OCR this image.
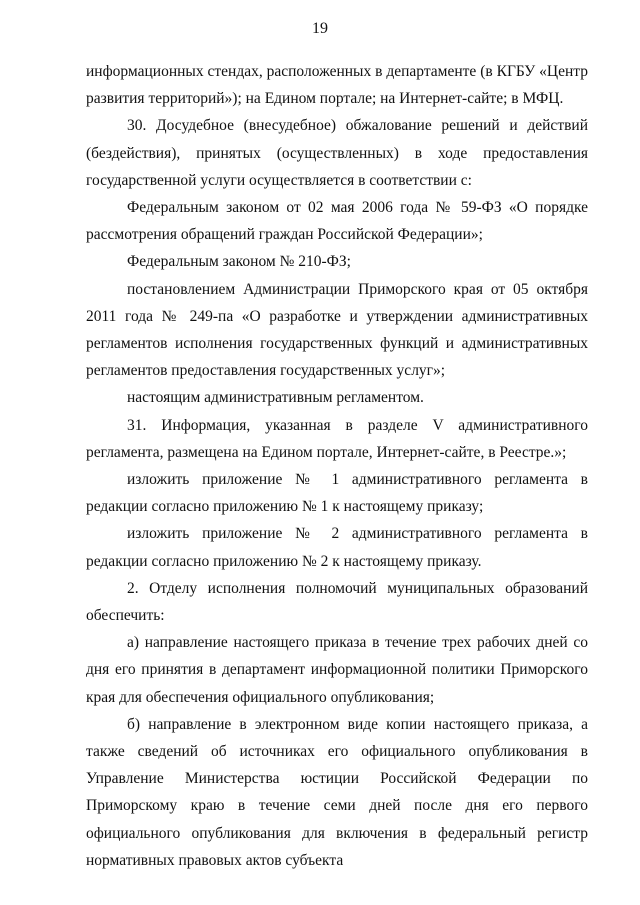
19

информационных стендах, расположенных в департаменте (в КГБУ «Центр развития территорий»); на Едином портале; на Интернет-сайте; в МФЦ.

30. Досудебное (внесудебное) обжалование решений и действий (бездействия), принятых (осуществленных) в ходе предоставления государственной услуги осуществляется в соответствии с:

Федеральным законом от 02 мая 2006 года № 59-ФЗ «О порядке рассмотрения обращений граждан Российской Федерации»;

Федеральным законом № 210-ФЗ;

постановлением Администрации Приморского края от 05 октября 2011 года № 249-па «О разработке и утверждении административных регламентов исполнения государственных функций и административных регламентов предоставления государственных услуг»;

настоящим административным регламентом.

31. Информация, указанная в разделе V административного регламента, размещена на Едином портале, Интернет-сайте, в Реестре.»;

изложить приложение № 1 административного регламента в редакции согласно приложению № 1 к настоящему приказу;

изложить приложение № 2 административного регламента в редакции согласно приложению № 2 к настоящему приказу.

2. Отделу исполнения полномочий муниципальных образований обеспечить:

а) направление настоящего приказа в течение трех рабочих дней со дня его принятия в департамент информационной политики Приморского края для обеспечения официального опубликования;

б) направление в электронном виде копии настоящего приказа, а также сведений об источниках его официального опубликования в Управление Министерства юстиции Российской Федерации по Приморскому краю в течение семи дней после дня его первого официального опубликования для включения в федеральный регистр нормативных правовых актов субъекта
